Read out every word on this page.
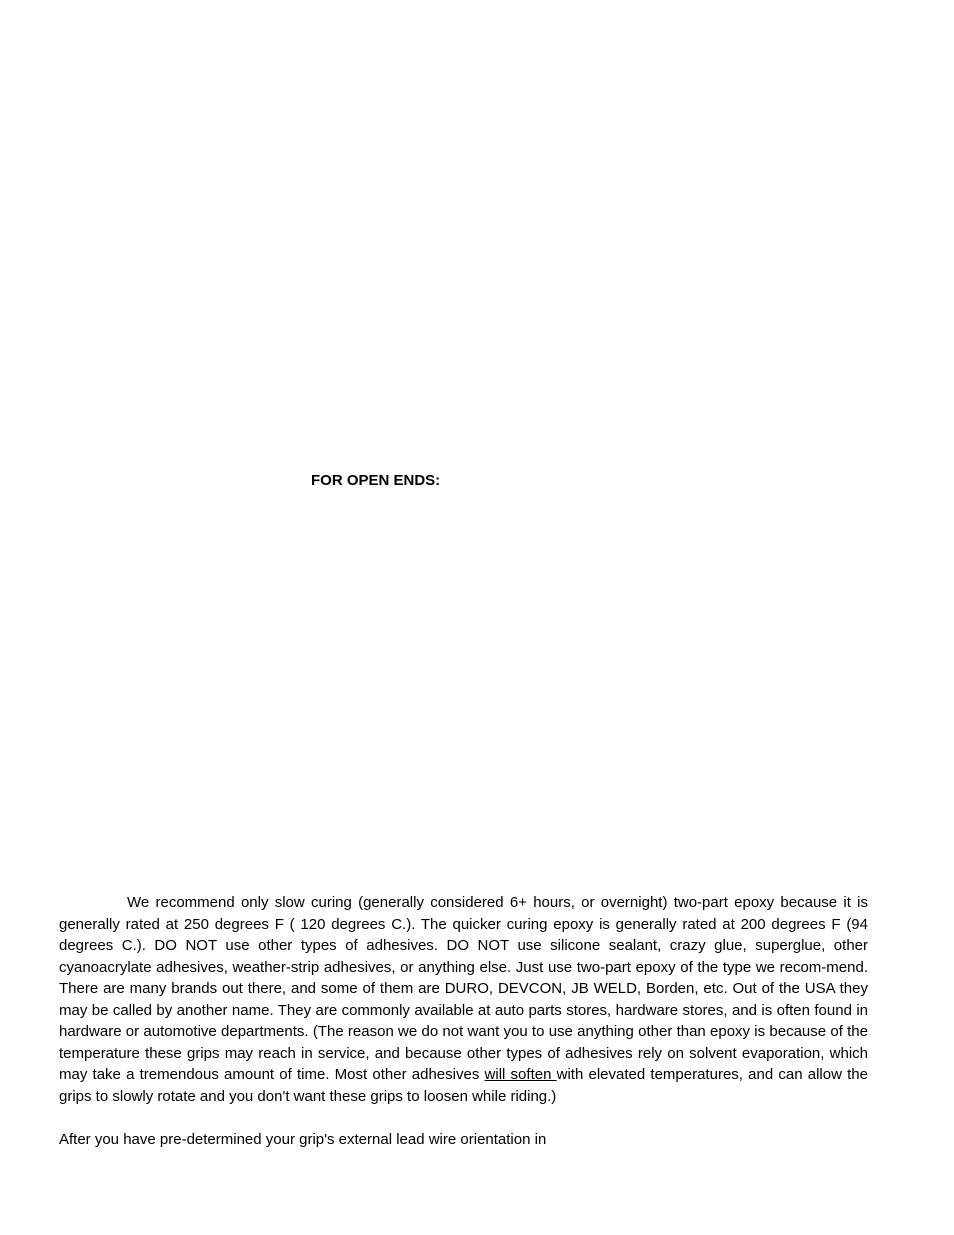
FOR OPEN ENDS:

We recommend only slow curing (generally considered 6+ hours, or overnight) two-part epoxy because it is generally rated at 250 degrees F ( 120 degrees C.). The quicker curing epoxy is generally rated at 200 degrees F (94 degrees C.). DO NOT use other types of adhesives. DO NOT use silicone sealant, crazy glue, superglue, other cyanoacrylate adhesives, weather-strip adhesives, or anything else. Just use two-part epoxy of the type we recom-mend. There are many brands out there, and some of them are DURO, DEVCON, JB WELD, Borden, etc. Out of the USA they may be called by another name. They are commonly available at auto parts stores, hardware stores, and is often found in hardware or automotive departments. (The reason we do not want you to use anything other than epoxy is because of the temperature these grips may reach in service, and because other types of adhesives rely on solvent evaporation, which may take a tremendous amount of time. Most other adhesives will soften with elevated temperatures, and can allow the grips to slowly rotate and you don't want these grips to loosen while riding.)

After you have pre-determined your grip's external lead wire orientation in
